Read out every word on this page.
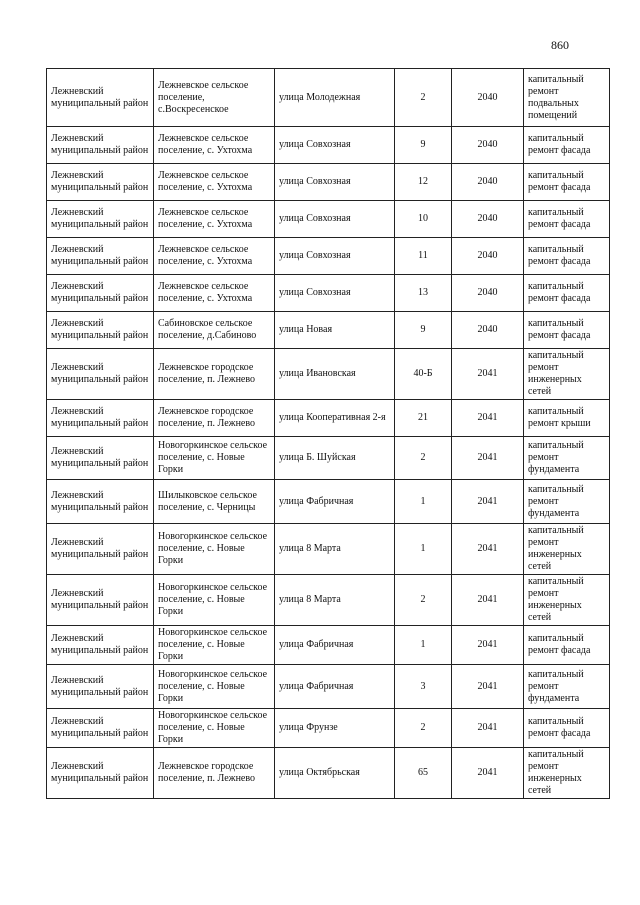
860
Лежневский муниципальный район	Лежневское сельское поселение, с.Воскресенское	улица Молодежная	2	2040	капитальный ремонт подвальных помещений
Лежневский муниципальный район	Лежневское сельское поселение, с. Ухтохма	улица Совхозная	9	2040	капитальный ремонт фасада
Лежневский муниципальный район	Лежневское сельское поселение, с. Ухтохма	улица Совхозная	12	2040	капитальный ремонт фасада
Лежневский муниципальный район	Лежневское сельское поселение, с. Ухтохма	улица Совхозная	10	2040	капитальный ремонт фасада
Лежневский муниципальный район	Лежневское сельское поселение, с. Ухтохма	улица Совхозная	11	2040	капитальный ремонт фасада
Лежневский муниципальный район	Лежневское сельское поселение, с. Ухтохма	улица Совхозная	13	2040	капитальный ремонт фасада
Лежневский муниципальный район	Сабиновское сельское поселение, д.Сабиново	улица Новая	9	2040	капитальный ремонт фасада
Лежневский муниципальный район	Лежневское городское поселение, п. Лежнево	улица Ивановская	40-Б	2041	капитальный ремонт инженерных сетей
Лежневский муниципальный район	Лежневское городское поселение, п. Лежнево	улица Кооперативная 2-я	21	2041	капитальный ремонт крыши
Лежневский муниципальный район	Новогоркинское сельское поселение, с. Новые Горки	улица Б. Шуйская	2	2041	капитальный ремонт фундамента
Лежневский муниципальный район	Шилыковское сельское поселение, с. Черницы	улица Фабричная	1	2041	капитальный ремонт фундамента
Лежневский муниципальный район	Новогоркинское сельское поселение, с. Новые Горки	улица 8 Марта	1	2041	капитальный ремонт инженерных сетей
Лежневский муниципальный район	Новогоркинское сельское поселение, с. Новые Горки	улица 8 Марта	2	2041	капитальный ремонт инженерных сетей
Лежневский муниципальный район	Новогоркинское сельское поселение, с. Новые Горки	улица Фабричная	1	2041	капитальный ремонт фасада
Лежневский муниципальный район	Новогоркинское сельское поселение, с. Новые Горки	улица Фабричная	3	2041	капитальный ремонт фундамента
Лежневский муниципальный район	Новогоркинское сельское поселение, с. Новые Горки	улица Фрунзе	2	2041	капитальный ремонт фасада
Лежневский муниципальный район	Лежневское городское поселение, п. Лежнево	улица Октябрьская	65	2041	капитальный ремонт инженерных сетей
